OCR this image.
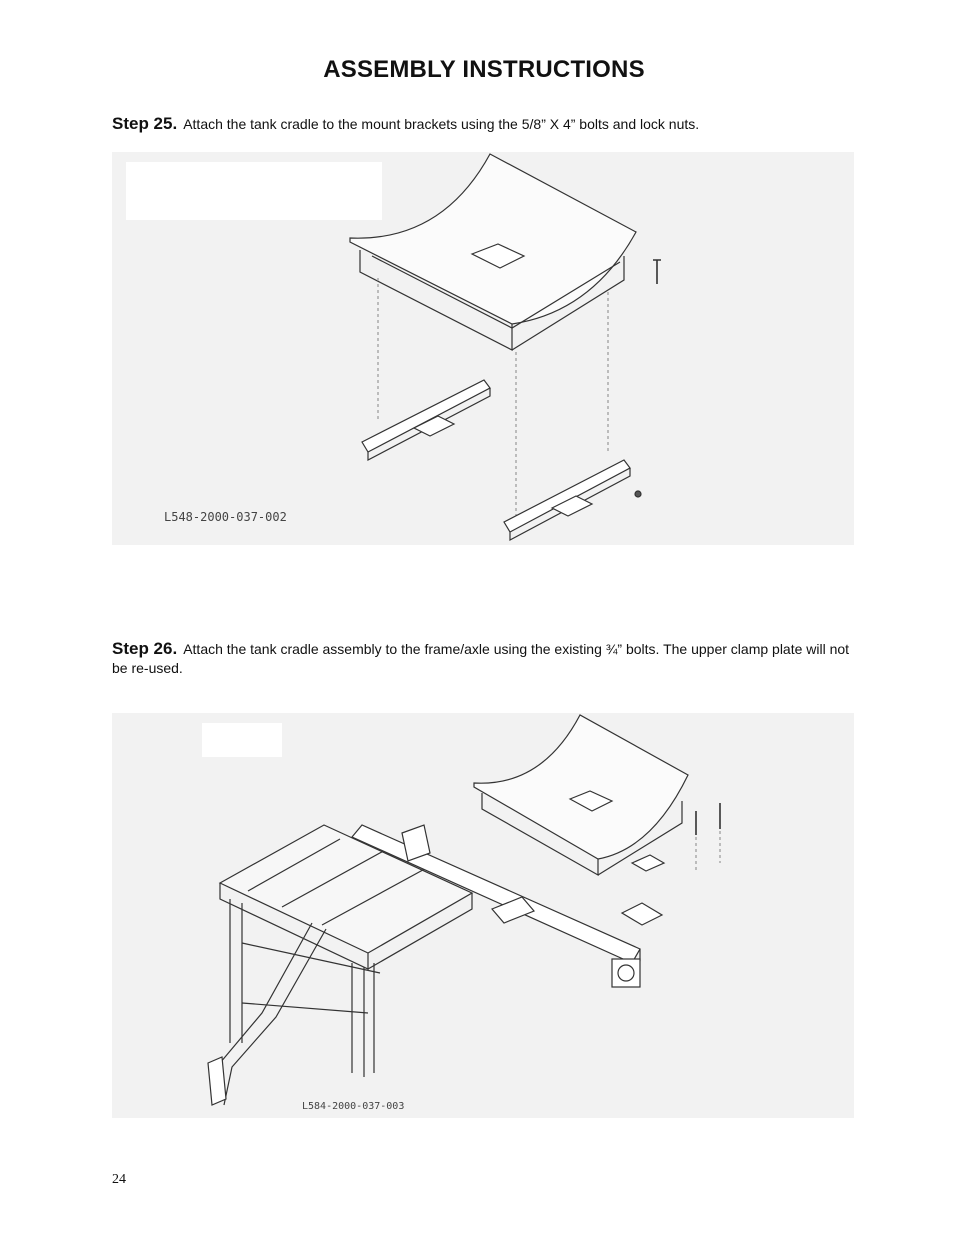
ASSEMBLY INSTRUCTIONS
Step 25. Attach the tank cradle to the mount brackets using the 5/8” X 4” bolts and lock nuts.
L548-2000-037-002
Step 26. Attach the tank cradle assembly to the frame/axle using the existing ¾” bolts. The upper clamp plate will not be re-used.
L584-2000-037-003
24
